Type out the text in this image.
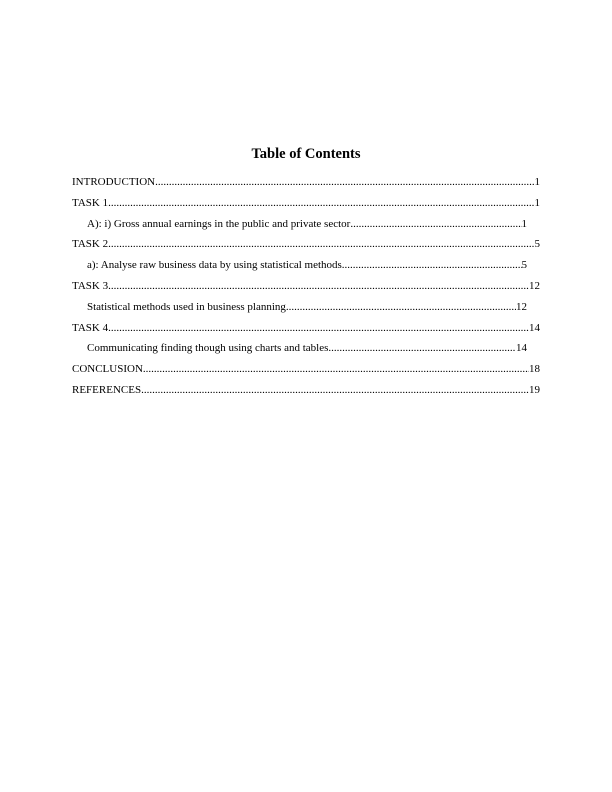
Table of Contents
INTRODUCTION .....	1
TASK 1 .....	1
A): i) Gross annual earnings in the public and private sector .....	1
TASK 2 .....	5
a): Analyse raw business data by using statistical methods .....	5
TASK 3 .....	12
Statistical methods used in business planning .....	12
TASK 4 .....	14
Communicating finding though using charts and tables .....	14
CONCLUSION .....	18
REFERENCES .....	19
